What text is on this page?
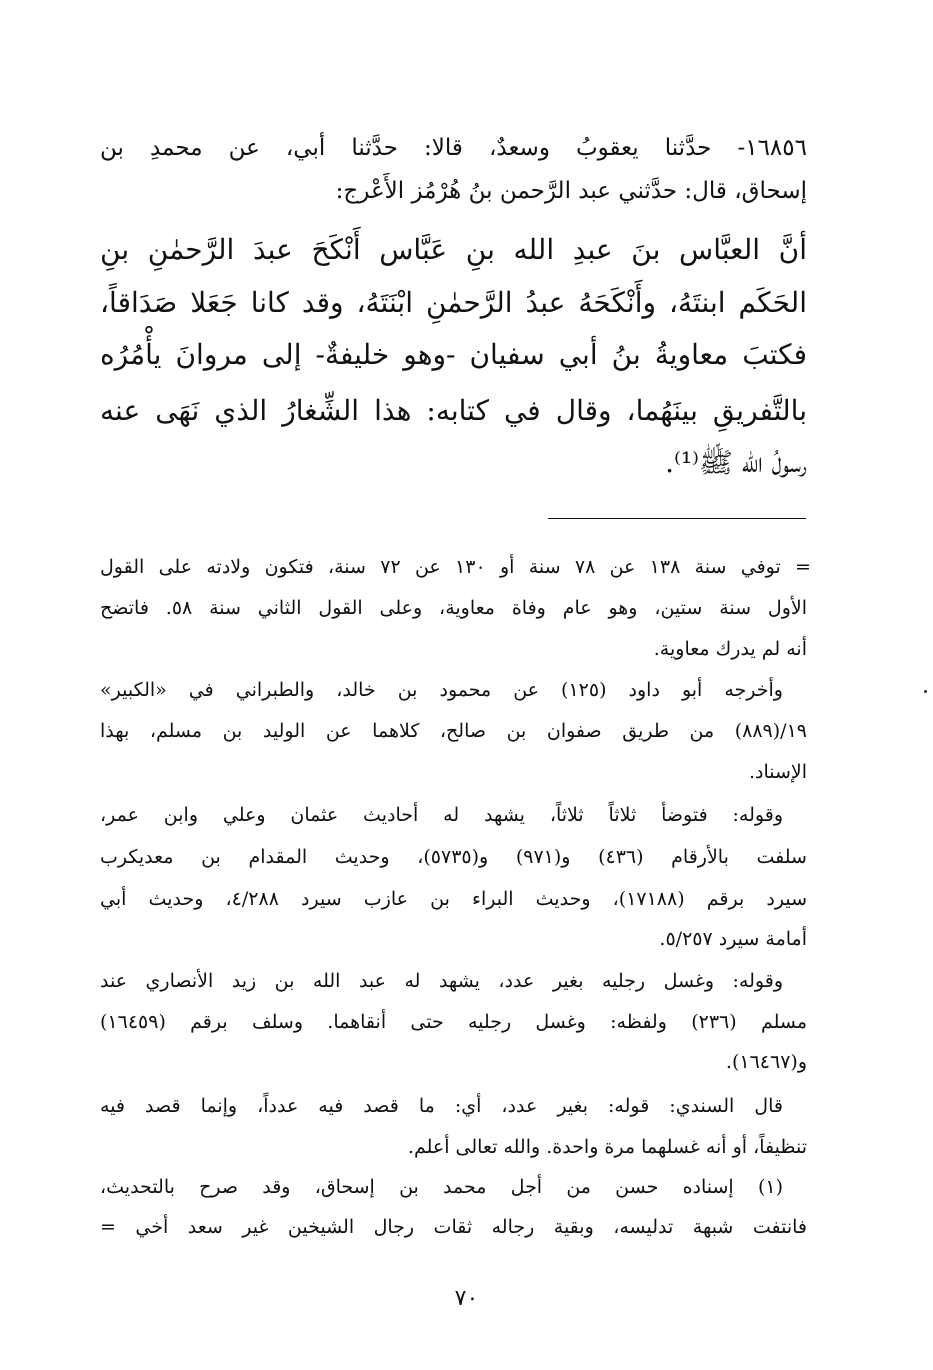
١٦٨٥٦- حدَّثنا يعقوبُ وسعدٌ، قالا: حدَّثنا أبي، عن محمدِ بن
إسحاق، قال: حدَّثني عبد الرَّحمن بنُ هُرْمُز الأَعْرج:
أنَّ العبَّاس بنَ عبدِ الله بنِ عَبَّاس أَنْكَحَ عبدَ الرَّحمٰنِ بنِ
الحَكَم ابنتَهُ، وأَنْكَحَهُ عبدُ الرَّحمٰنِ ابْنَتَهُ، وقد كانا جَعَلا صَدَاقاً،
فكتبَ معاويةُ بنُ أبي سفيان -وهو خليفةٌ- إلى مروانَ يأْمُرُه
بالتَّفريقِ بينَهُما، وقال في كتابه: هذا الشِّغارُ الذي نَهَى عنه
رسولُ الله ﷺ⁽¹⁾.
= توفي سنة ١٣٨ عن ٧٨ سنة أو ١٣٠ عن ٧٢ سنة، فتكون ولادته على القول
الأول سنة ستين، وهو عام وفاة معاوية، وعلى القول الثاني سنة ٥٨. فاتضح
أنه لم يدرك معاوية.
وأخرجه أبو داود (١٢٥) عن محمود بن خالد، والطبراني في «الكبير»
١٩/(٨٨٩) من طريق صفوان بن صالح، كلاهما عن الوليد بن مسلم، بهذا
الإسناد.
وقوله: فتوضأ ثلاثاً ثلاثاً، يشهد له أحاديث عثمان وعلي وابن عمر،
سلفت بالأرقام (٤٣٦) و(٩٧١) و(٥٧٣٥)، وحديث المقدام بن معديكرب
سيرد برقم (١٧١٨٨)، وحديث البراء بن عازب سيرد ٤/٢٨٨، وحديث أبي
أمامة سيرد ٥/٢٥٧.
وقوله: وغسل رجليه بغير عدد، يشهد له عبد الله بن زيد الأنصاري عند
مسلم (٢٣٦) ولفظه: وغسل رجليه حتى أنقاهما. وسلف برقم (١٦٤٥٩)
و(١٦٤٦٧).
قال السندي: قوله: بغير عدد، أي: ما قصد فيه عدداً، وإنما قصد فيه
تنظيفاً، أو أنه غسلهما مرة واحدة. والله تعالى أعلم.
(١) إسناده حسن من أجل محمد بن إسحاق، وقد صرح بالتحديث،
فانتفت شبهة تدليسه، وبقية رجاله ثقات رجال الشيخين غير سعد أخي =
٧٠
